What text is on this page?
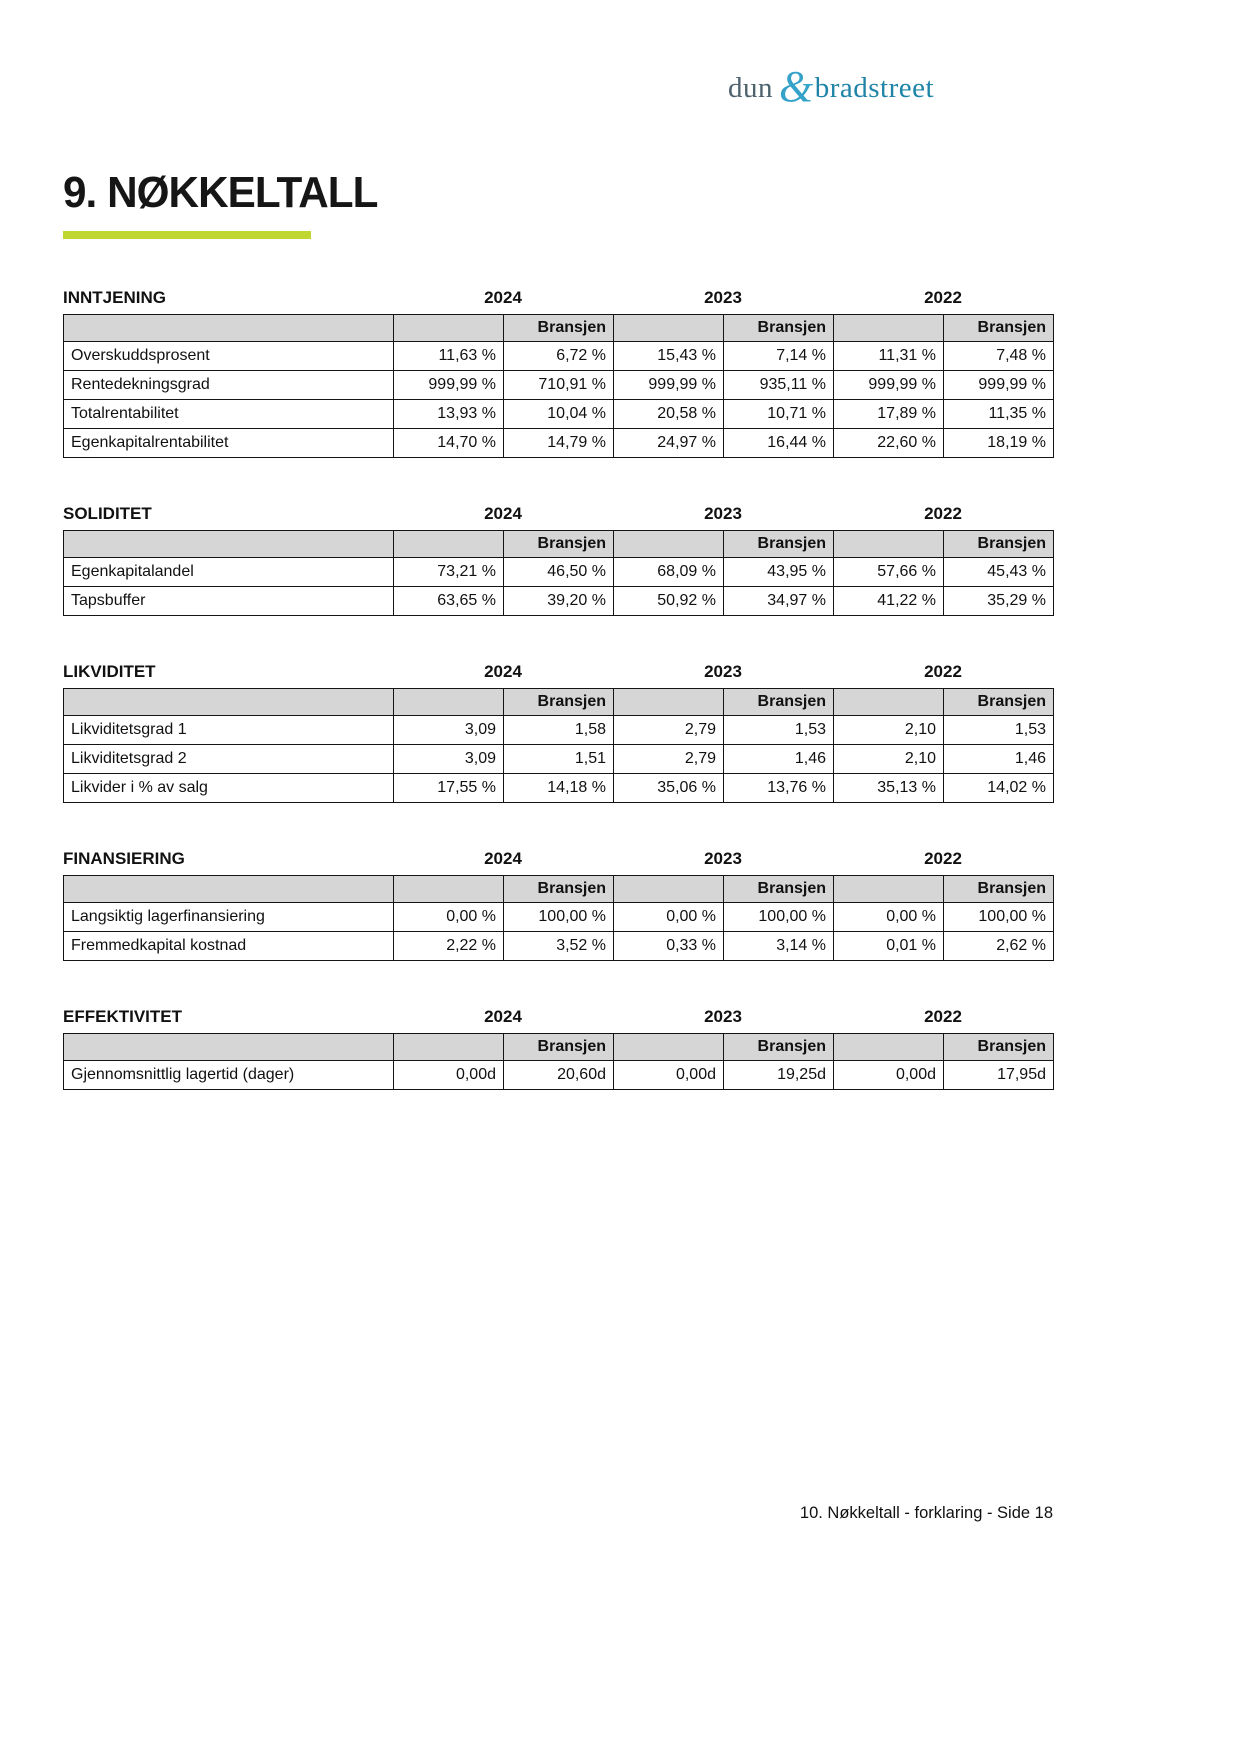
dun & bradstreet
9. NØKKELTALL
INNTJENING	2024	2023	2022
		Bransjen		Bransjen		Bransjen
Overskuddsprosent	11,63 %	6,72 %	15,43 %	7,14 %	11,31 %	7,48 %
Rentedekningsgrad	999,99 %	710,91 %	999,99 %	935,11 %	999,99 %	999,99 %
Totalrentabilitet	13,93 %	10,04 %	20,58 %	10,71 %	17,89 %	11,35 %
Egenkapitalrentabilitet	14,70 %	14,79 %	24,97 %	16,44 %	22,60 %	18,19 %
SOLIDITET	2024	2023	2022
		Bransjen		Bransjen		Bransjen
Egenkapitalandel	73,21 %	46,50 %	68,09 %	43,95 %	57,66 %	45,43 %
Tapsbuffer	63,65 %	39,20 %	50,92 %	34,97 %	41,22 %	35,29 %
LIKVIDITET	2024	2023	2022
		Bransjen		Bransjen		Bransjen
Likviditetsgrad 1	3,09	1,58	2,79	1,53	2,10	1,53
Likviditetsgrad 2	3,09	1,51	2,79	1,46	2,10	1,46
Likvider i % av salg	17,55 %	14,18 %	35,06 %	13,76 %	35,13 %	14,02 %
FINANSIERING	2024	2023	2022
		Bransjen		Bransjen		Bransjen
Langsiktig lagerfinansiering	0,00 %	100,00 %	0,00 %	100,00 %	0,00 %	100,00 %
Fremmedkapital kostnad	2,22 %	3,52 %	0,33 %	3,14 %	0,01 %	2,62 %
EFFEKTIVITET	2024	2023	2022
		Bransjen		Bransjen		Bransjen
Gjennomsnittlig lagertid (dager)	0,00d	20,60d	0,00d	19,25d	0,00d	17,95d
10. Nøkkeltall - forklaring - Side 18
